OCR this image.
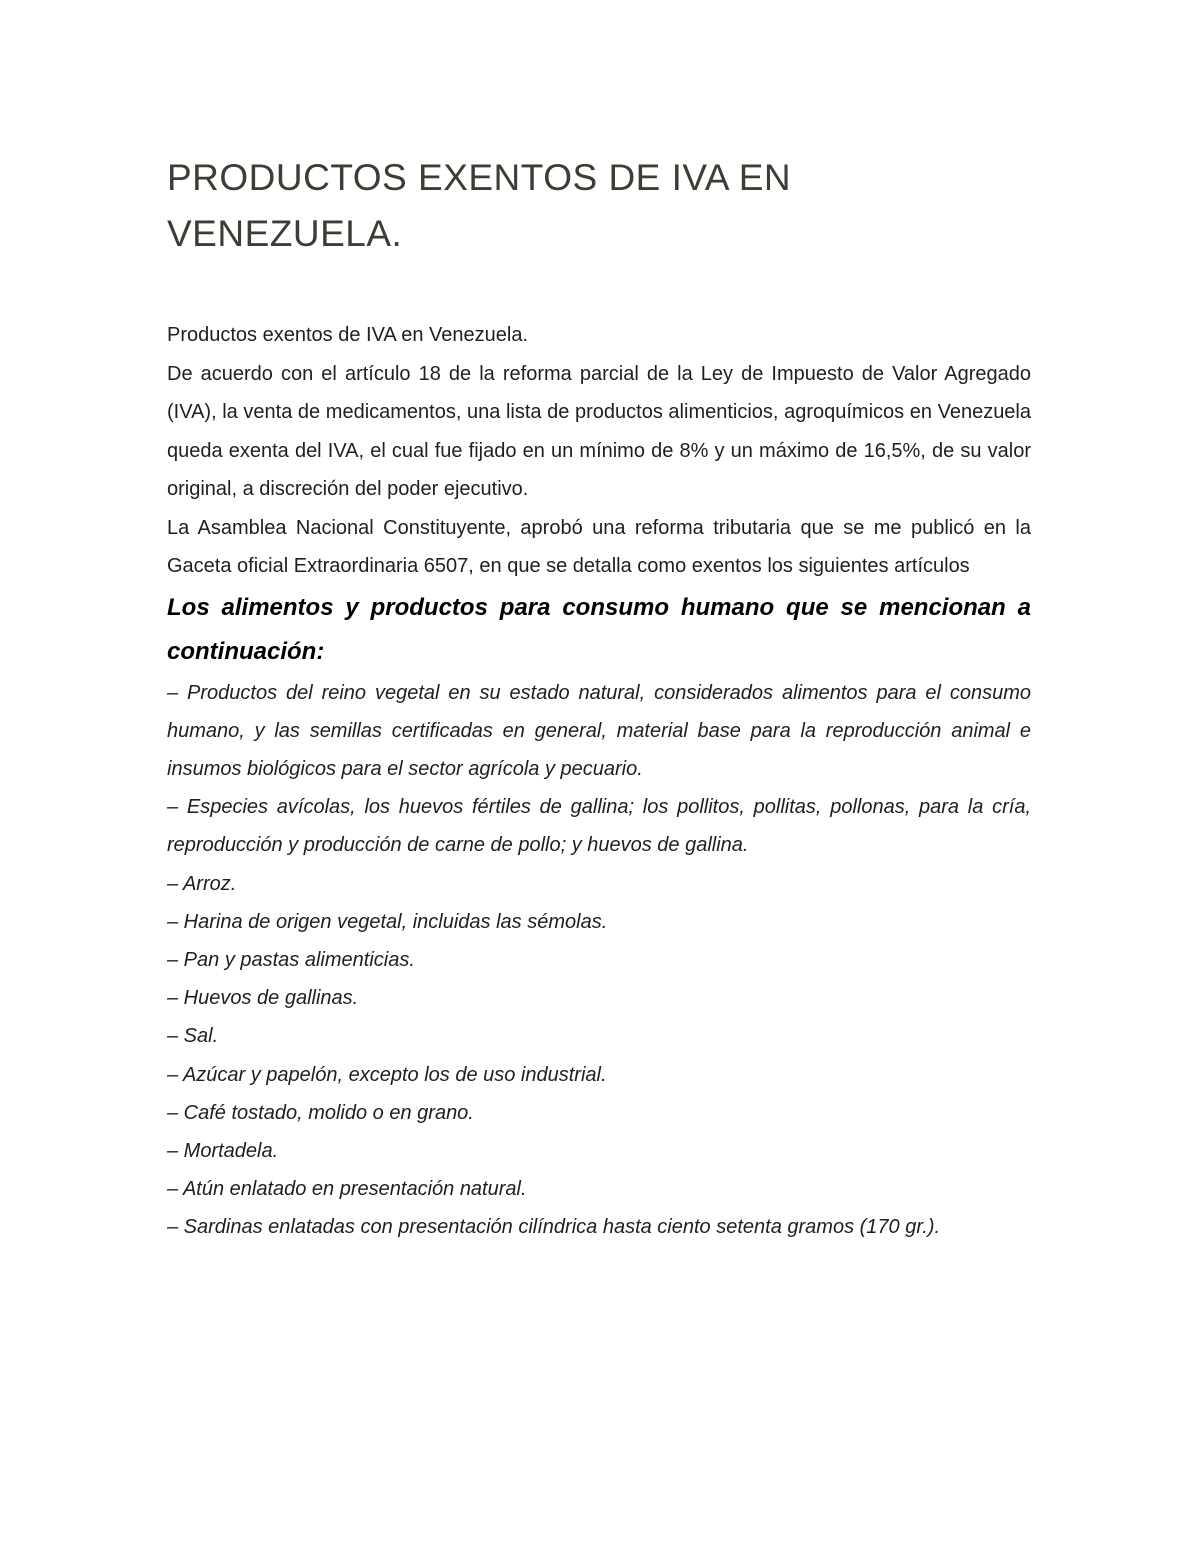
PRODUCTOS EXENTOS DE IVA EN VENEZUELA.

Productos exentos de IVA en Venezuela.

De acuerdo con el artículo 18 de la reforma parcial de la Ley de Impuesto de Valor Agregado (IVA), la venta de medicamentos, una lista de productos alimenticios, agroquímicos en Venezuela queda exenta del IVA, el cual fue fijado en un mínimo de 8% y un máximo de 16,5%, de su valor original, a discreción del poder ejecutivo.

La Asamblea Nacional Constituyente, aprobó una reforma tributaria que se me publicó en la Gaceta oficial Extraordinaria 6507, en que se detalla como exentos los siguientes artículos

Los alimentos y productos para consumo humano que se mencionan a continuación:
– Productos del reino vegetal en su estado natural, considerados alimentos para el consumo humano, y las semillas certificadas en general, material base para la reproducción animal e insumos biológicos para el sector agrícola y pecuario.
– Especies avícolas, los huevos fértiles de gallina; los pollitos, pollitas, pollonas, para la cría, reproducción y producción de carne de pollo; y huevos de gallina.
– Arroz.
– Harina de origen vegetal, incluidas las sémolas.
– Pan y pastas alimenticias.
– Huevos de gallinas.
– Sal.
– Azúcar y papelón, excepto los de uso industrial.
– Café tostado, molido o en grano.
– Mortadela.
– Atún enlatado en presentación natural.
– Sardinas enlatadas con presentación cilíndrica hasta ciento setenta gramos (170 gr.).
